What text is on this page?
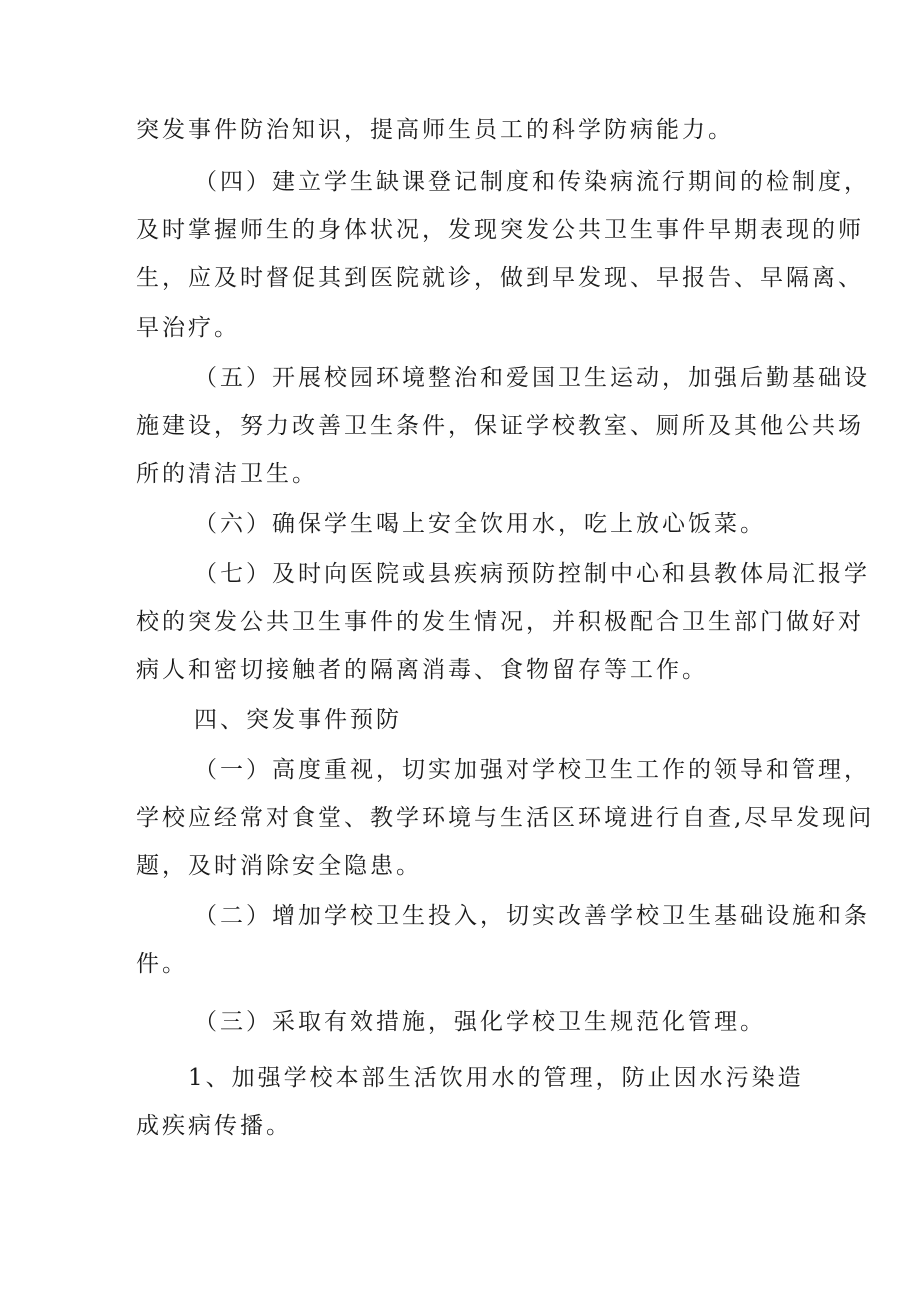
突发事件防治知识，提高师生员工的科学防病能力。
（四）建立学生缺课登记制度和传染病流行期间的检制度，
及时掌握师生的身体状况，发现突发公共卫生事件早期表现的师
生，应及时督促其到医院就诊，做到早发现、早报告、早隔离、
早治疗。
（五）开展校园环境整治和爱国卫生运动，加强后勤基础设
施建设，努力改善卫生条件，保证学校教室、厕所及其他公共场
所的清洁卫生。
（六）确保学生喝上安全饮用水，吃上放心饭菜。
（七）及时向医院或县疾病预防控制中心和县教体局汇报学
校的突发公共卫生事件的发生情况，并积极配合卫生部门做好对
病人和密切接触者的隔离消毒、食物留存等工作。
四、突发事件预防
（一）高度重视，切实加强对学校卫生工作的领导和管理，
学校应经常对食堂、教学环境与生活区环境进行自查,尽早发现问
题，及时消除安全隐患。
（二）增加学校卫生投入，切实改善学校卫生基础设施和条
件。
（三）采取有效措施，强化学校卫生规范化管理。
1、加强学校本部生活饮用水的管理，防止因水污染造
成疾病传播。
